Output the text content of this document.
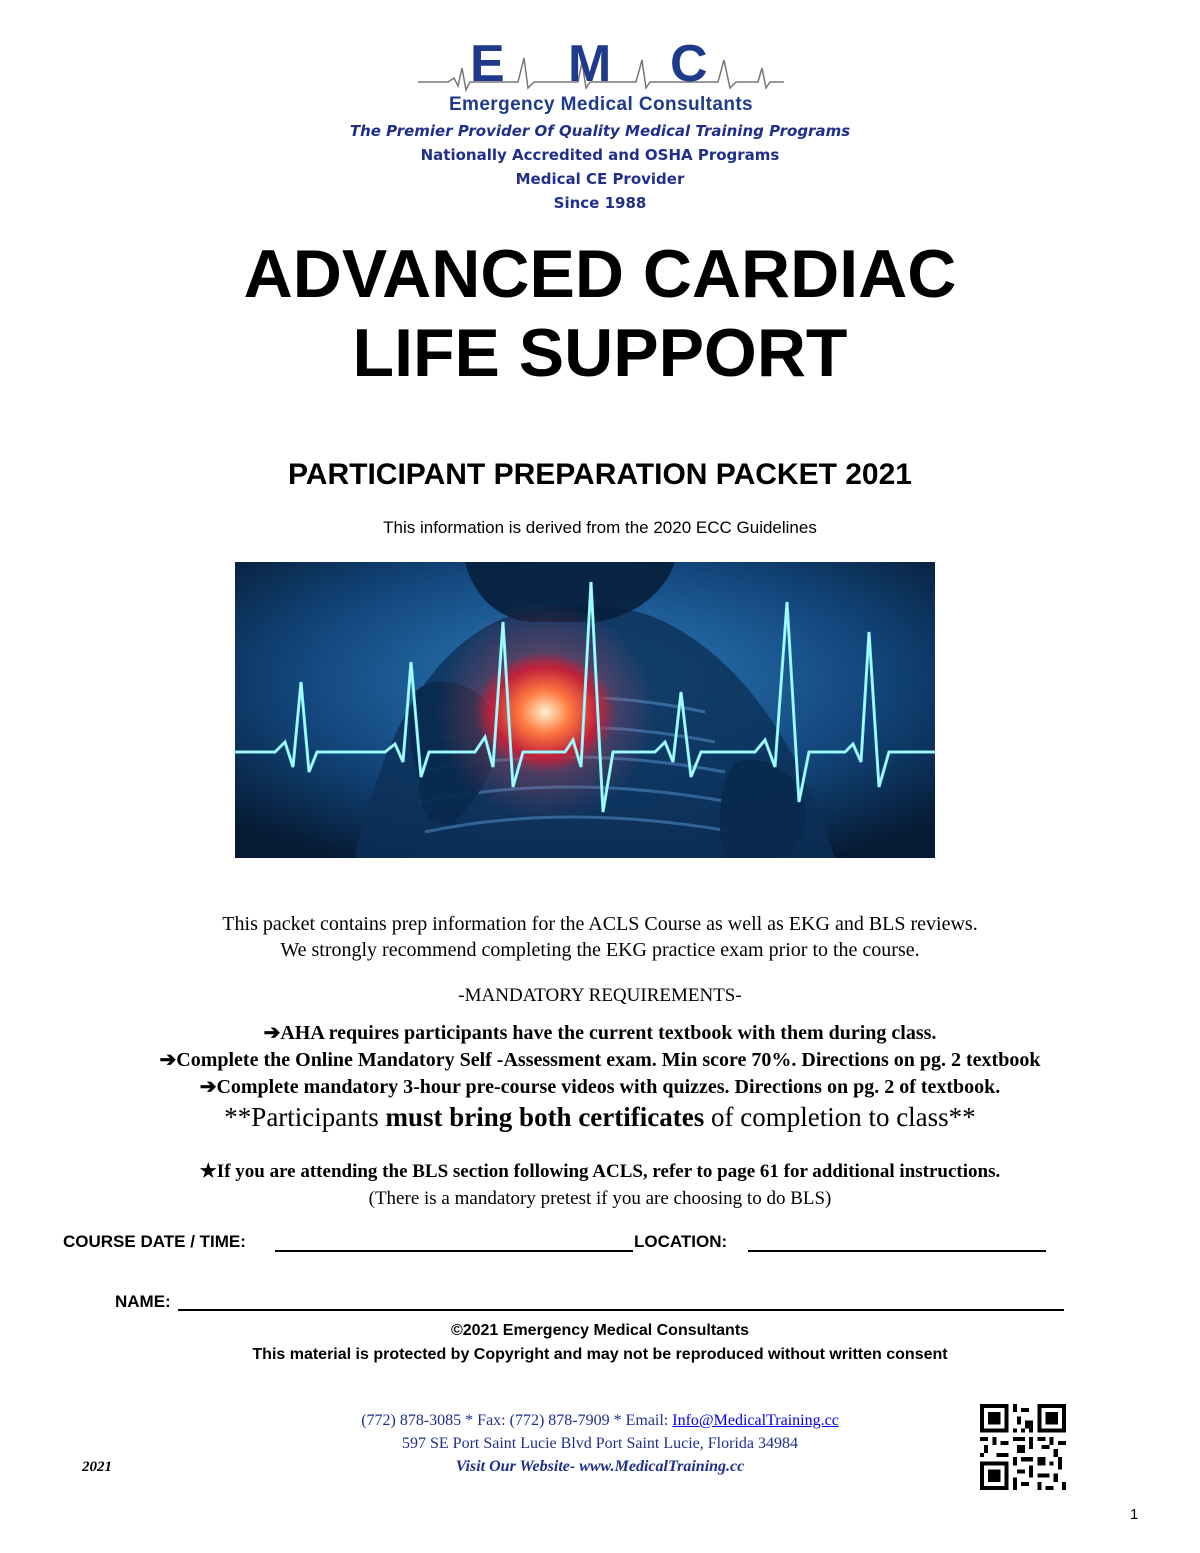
E M C
Emergency Medical Consultants
The Premier Provider Of Quality Medical Training Programs
Nationally Accredited and OSHA Programs
Medical CE Provider
Since 1988
ADVANCED CARDIAC
LIFE SUPPORT
PARTICIPANT PREPARATION PACKET 2021
This information is derived from the 2020 ECC Guidelines
This packet contains prep information for the ACLS Course as well as EKG and BLS reviews.
We strongly recommend completing the EKG practice exam prior to the course.
-MANDATORY REQUIREMENTS-
➔AHA requires participants have the current textbook with them during class.
➔Complete the Online Mandatory Self -Assessment exam. Min score 70%. Directions on pg. 2 textbook
➔Complete mandatory 3-hour pre-course videos with quizzes. Directions on pg. 2 of textbook.
**Participants must bring both certificates of completion to class**
★If you are attending the BLS section following ACLS, refer to page 61 for additional instructions.
(There is a mandatory pretest if you are choosing to do BLS)
COURSE DATE / TIME:	LOCATION:
NAME:
©2021 Emergency Medical Consultants
This material is protected by Copyright and may not be reproduced without written consent
(772) 878-3085 * Fax: (772) 878-7909 * Email: Info@MedicalTraining.cc
597 SE Port Saint Lucie Blvd Port Saint Lucie, Florida 34984
Visit Our Website- www.MedicalTraining.cc
2021
1
